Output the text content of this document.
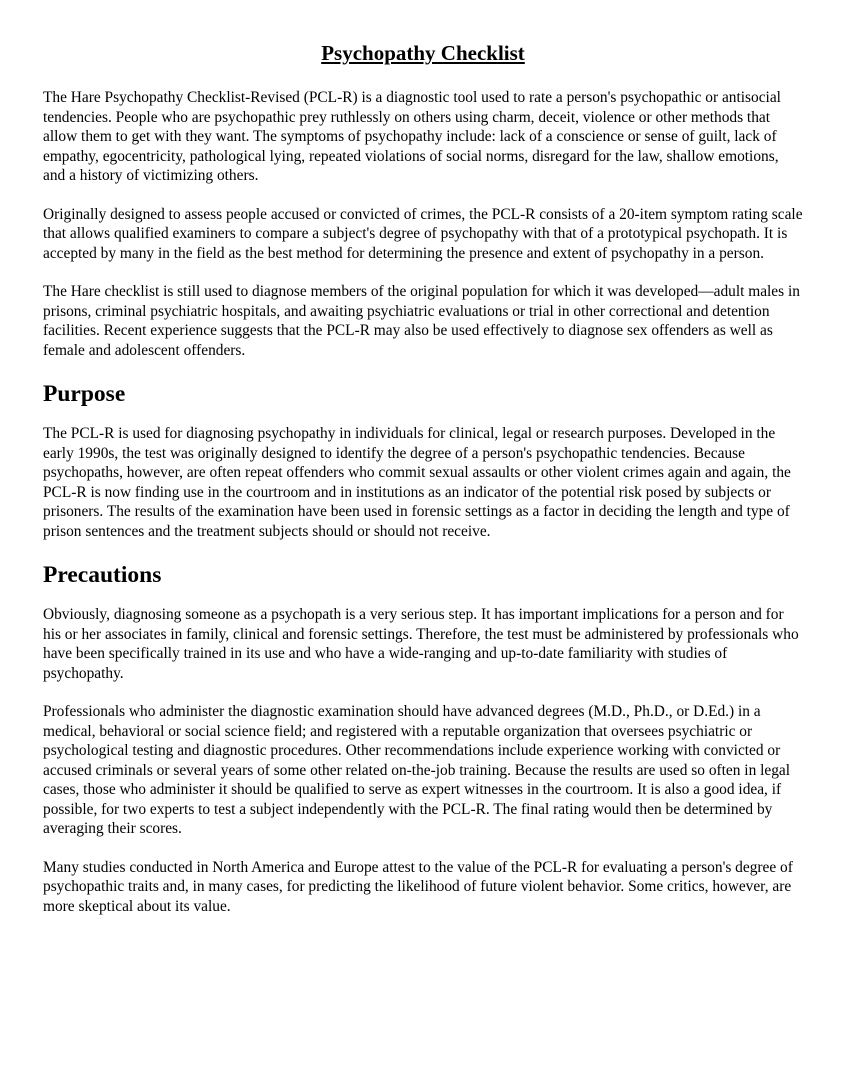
Psychopathy Checklist

The Hare Psychopathy Checklist-Revised (PCL-R) is a diagnostic tool used to rate a person's psychopathic or antisocial tendencies. People who are psychopathic prey ruthlessly on others using charm, deceit, violence or other methods that allow them to get with they want. The symptoms of psychopathy include: lack of a conscience or sense of guilt, lack of empathy, egocentricity, pathological lying, repeated violations of social norms, disregard for the law, shallow emotions, and a history of victimizing others.

Originally designed to assess people accused or convicted of crimes, the PCL-R consists of a 20-item symptom rating scale that allows qualified examiners to compare a subject's degree of psychopathy with that of a prototypical psychopath. It is accepted by many in the field as the best method for determining the presence and extent of psychopathy in a person.

The Hare checklist is still used to diagnose members of the original population for which it was developed—adult males in prisons, criminal psychiatric hospitals, and awaiting psychiatric evaluations or trial in other correctional and detention facilities. Recent experience suggests that the PCL-R may also be used effectively to diagnose sex offenders as well as female and adolescent offenders.

Purpose

The PCL-R is used for diagnosing psychopathy in individuals for clinical, legal or research purposes. Developed in the early 1990s, the test was originally designed to identify the degree of a person's psychopathic tendencies. Because psychopaths, however, are often repeat offenders who commit sexual assaults or other violent crimes again and again, the PCL-R is now finding use in the courtroom and in institutions as an indicator of the potential risk posed by subjects or prisoners. The results of the examination have been used in forensic settings as a factor in deciding the length and type of prison sentences and the treatment subjects should or should not receive.

Precautions

Obviously, diagnosing someone as a psychopath is a very serious step. It has important implications for a person and for his or her associates in family, clinical and forensic settings. Therefore, the test must be administered by professionals who have been specifically trained in its use and who have a wide-ranging and up-to-date familiarity with studies of psychopathy.

Professionals who administer the diagnostic examination should have advanced degrees (M.D., Ph.D., or D.Ed.) in a medical, behavioral or social science field; and registered with a reputable organization that oversees psychiatric or psychological testing and diagnostic procedures. Other recommendations include experience working with convicted or accused criminals or several years of some other related on-the-job training. Because the results are used so often in legal cases, those who administer it should be qualified to serve as expert witnesses in the courtroom. It is also a good idea, if possible, for two experts to test a subject independently with the PCL-R. The final rating would then be determined by averaging their scores.

Many studies conducted in North America and Europe attest to the value of the PCL-R for evaluating a person's degree of psychopathic traits and, in many cases, for predicting the likelihood of future violent behavior. Some critics, however, are more skeptical about its value.
